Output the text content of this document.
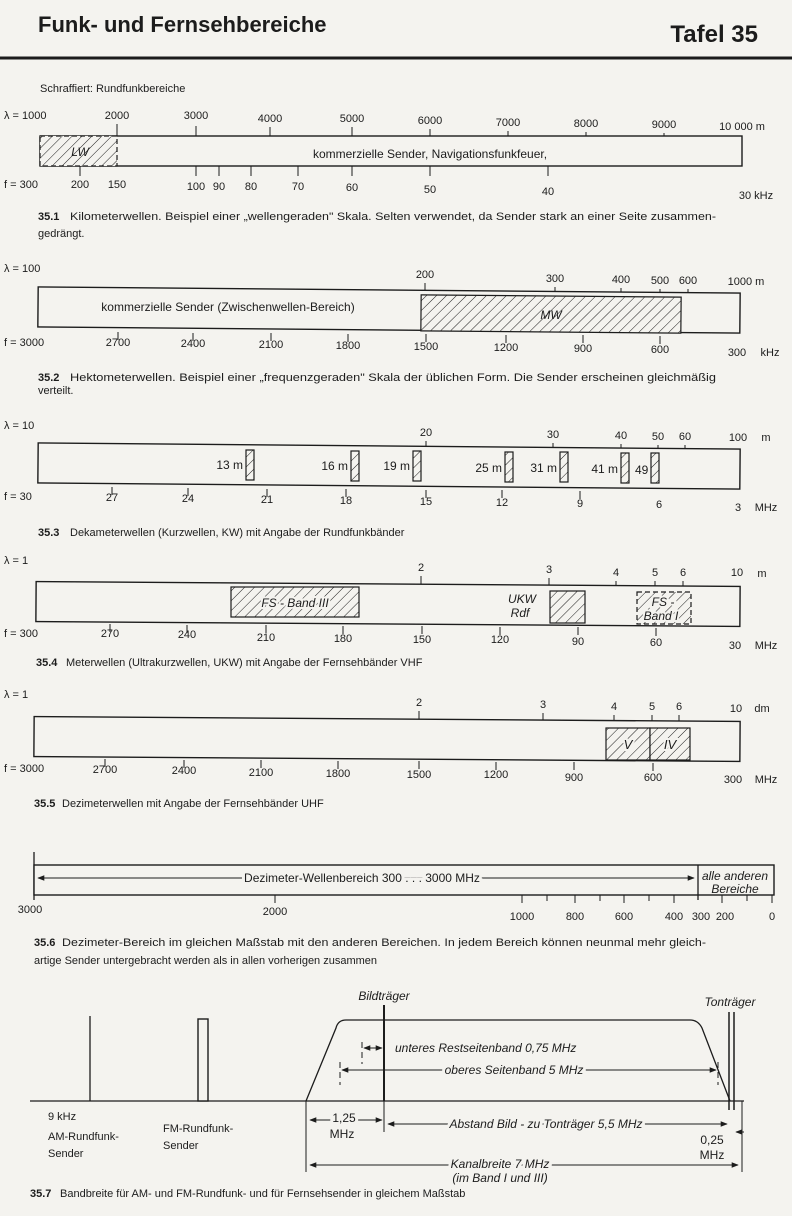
Funk- und Fernsehbereiche	Tafel 35
Schraffiert: Rundfunkbereiche
λ = 1000	2000	3000	4000	5000	6000	7000	8000	9000	10 000 m
LW	kommerzielle Sender, Navigationsfunkfeuer,
f = 300	200 150	100 90 80	70	60	50	40	30 kHz
35.1 Kilometerwellen. Beispiel einer „wellengeraden" Skala. Selten verwendet, da Sender stark an einer Seite zusammen-
gedrängt.
λ = 100	200	300	400 500 600	1000 m
MW
kommerzielle Sender (Zwischenwellen-Bereich)
f = 3000	2700	2400	2100	1800	1500	1200	900	600	300 kHz
35.2 Hektometerwellen. Beispiel einer „frequenzgeraden" Skala der üblichen Form. Die Sender erscheinen gleichmäßig
verteilt.
λ = 10
20	30	40 50 60	100 m
13 m	16 m	19 m	25 m 31 m	41 m 49
f = 30	27	24	21	18	15	12	9	6	3 MHz
35.3 Dekameterwellen (Kurzwellen, KW) mit Angabe der Rundfunkbänder
λ = 1
2	3	4	5 6	10 m
FS - Band III	UKW
Rdf
FS -
Band I
f = 300	270	240	210	180	150	120	90	60	30 MHz
35.4 Meterwellen (Ultrakurzwellen, UKW) mit Angabe der Fernsehbänder VHF
λ = 1
2	3	4	5 6	10 dm
V IV
f = 3000	2700	2400	2100	1800	1500	1200	900	600	300 MHz
35.5 Dezimeterwellen mit Angabe der Fernsehbänder UHF
Dezimeter-Wellenbereich 300 . . . 3000 MHz	alle anderen
Bereiche
3000	2000	1000	800	600	400 300 200	0
35.6 Dezimeter-Bereich im gleichen Maßstab mit den anderen Bereichen. In jedem Bereich können neunmal mehr gleich-
artige Sender untergebracht werden als in allen vorherigen zusammen
9 kHz
AM-Rundfunk-
Sender
FM-Rundfunk-
Sender
Bildträger	Tonträger
unteres Restseitenband 0,75 MHz
oberes Seitenband 5 MHz
1,25
MHz
Abstand Bild - zu Tonträger 5,5 MHz
0,25
MHz
Kanalbreite 7 MHz
(im Band I und III)
35.7 Bandbreite für AM- und FM-Rundfunk- und für Fernsehsender in gleichem Maßstab
